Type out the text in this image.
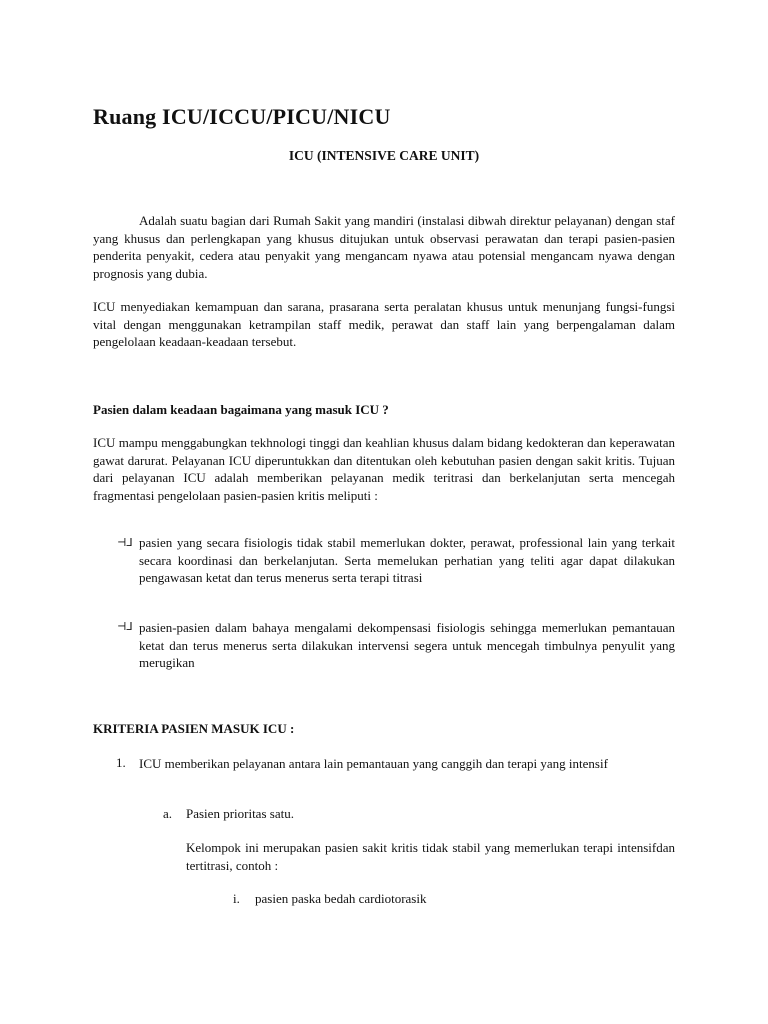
Ruang ICU/ICCU/PICU/NICU

ICU (INTENSIVE CARE UNIT)

Adalah suatu bagian dari Rumah Sakit yang mandiri (instalasi dibwah direktur pelayanan) dengan staf yang khusus dan perlengkapan yang khusus ditujukan untuk observasi perawatan dan terapi pasien-pasien penderita penyakit, cedera atau penyakit yang mengancam nyawa atau potensial mengancam nyawa dengan prognosis yang dubia.

ICU menyediakan kemampuan dan sarana, prasarana serta peralatan khusus untuk menunjang fungsi-fungsi vital dengan menggunakan ketrampilan staff medik, perawat dan staff lain yang berpengalaman dalam pengelolaan keadaan-keadaan tersebut.

Pasien dalam keadaan bagaimana yang masuk ICU ?

ICU mampu menggabungkan tekhnologi tinggi dan keahlian khusus dalam bidang kedokteran dan keperawatan gawat darurat. Pelayanan ICU diperuntukkan dan ditentukan oleh kebutuhan pasien dengan sakit kritis. Tujuan dari pelayanan ICU adalah memberikan pelayanan medik teritrasi dan berkelanjutan serta mencegah fragmentasi pengelolaan pasien-pasien kritis meliputi :

⊣⅃ pasien yang secara fisiologis tidak stabil memerlukan dokter, perawat, professional lain yang terkait secara koordinasi dan berkelanjutan. Serta memelukan perhatian yang teliti agar dapat dilakukan pengawasan ketat dan terus menerus serta terapi titrasi

⊣⅃ pasien-pasien dalam bahaya mengalami dekompensasi fisiologis sehingga memerlukan pemantauan ketat dan terus menerus serta dilakukan intervensi segera untuk mencegah timbulnya penyulit yang merugikan

KRITERIA PASIEN MASUK ICU :

1. ICU memberikan pelayanan antara lain pemantauan yang canggih dan terapi yang intensif

a. Pasien prioritas satu.

Kelompok ini merupakan pasien sakit kritis tidak stabil yang memerlukan terapi intensifdan tertitrasi, contoh :

i. pasien paska bedah cardiotorasik
